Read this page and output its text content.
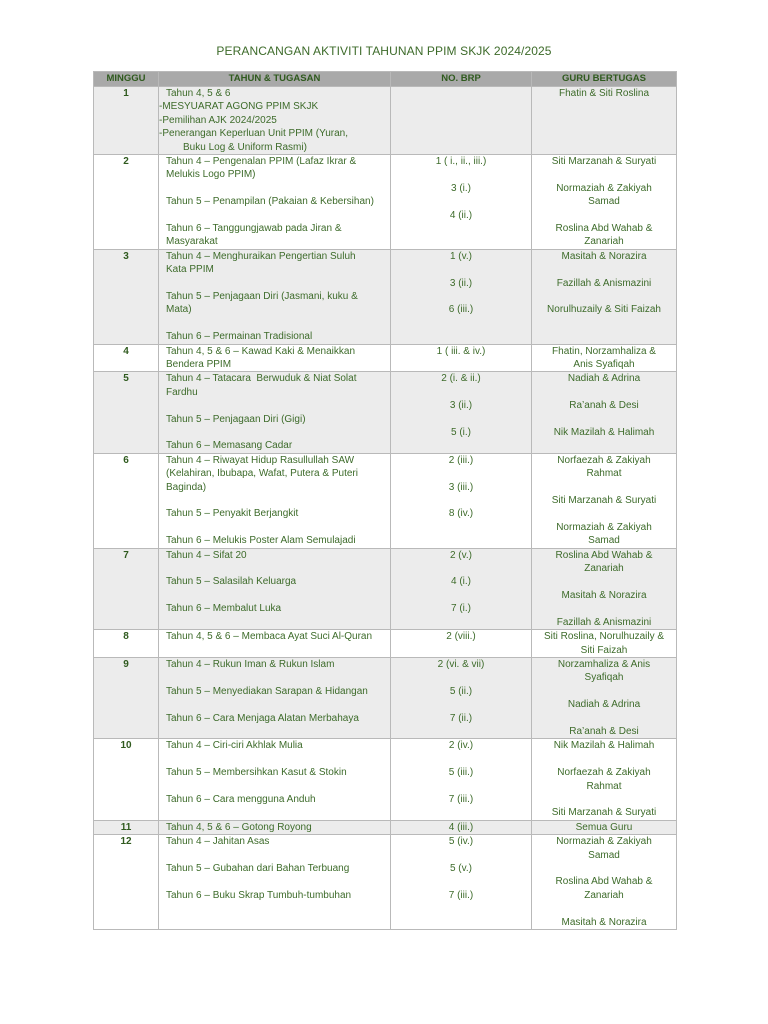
PERANCANGAN AKTIVITI TAHUNAN PPIM SKJK 2024/2025
MINGGU	TAHUN & TUGASAN	NO. BRP	GURU BERTUGAS
1	Tahun 4, 5 & 6
-MESYUARAT AGONG PPIM SKJK
-Pemilihan AJK 2024/2025
-Penerangan Keperluan Unit PPIM (Yuran,
Buku Log & Uniform Rasmi)		Fhatin & Siti Roslina

2	Tahun 4 – Pengenalan PPIM (Lafaz Ikrar &
Melukis Logo PPIM)
Tahun 5 – Penampilan (Pakaian & Kebersihan)
Tahun 6 – Tanggungjawab pada Jiran &
Masyarakat	1 ( i., ii., iii.)
3 (i.)
4 (ii.)	Siti Marzanah & Suryati
Normaziah & Zakiyah
Samad
Roslina Abd Wahab &
Zanariah

3	Tahun 4 – Menghuraikan Pengertian Suluh
Kata PPIM
Tahun 5 – Penjagaan Diri (Jasmani, kuku &
Mata)
Tahun 6 – Permainan Tradisional	1 (v.)
3 (ii.)
6 (iii.)	Masitah & Norazira
Fazillah & Anismazini
Norulhuzaily & Siti Faizah

4	Tahun 4, 5 & 6 – Kawad Kaki & Menaikkan
Bendera PPIM	1 ( iii. & iv.)	Fhatin, Norzamhaliza &
Anis Syafiqah

5	Tahun 4 – Tatacara  Berwuduk & Niat Solat
Fardhu
Tahun 5 – Penjagaan Diri (Gigi)
Tahun 6 – Memasang Cadar	2 (i. & ii.)
3 (ii.)
5 (i.)	Nadiah & Adrina
Ra’anah & Desi
Nik Mazilah & Halimah

6	Tahun 4 – Riwayat Hidup Rasullullah SAW
(Kelahiran, Ibubapa, Wafat, Putera & Puteri
Baginda)
Tahun 5 – Penyakit Berjangkit
Tahun 6 – Melukis Poster Alam Semulajadi	2 (iii.)
3 (iii.)
8 (iv.)	Norfaezah & Zakiyah
Rahmat
Siti Marzanah & Suryati
Normaziah & Zakiyah
Samad

7	Tahun 4 – Sifat 20
Tahun 5 – Salasilah Keluarga
Tahun 6 – Membalut Luka	2 (v.)
4 (i.)
7 (i.)	Roslina Abd Wahab &
Zanariah
Masitah & Norazira
Fazillah & Anismazini

8	Tahun 4, 5 & 6 – Membaca Ayat Suci Al-Quran	2 (viii.)	Siti Roslina, Norulhuzaily &
Siti Faizah

9	Tahun 4 – Rukun Iman & Rukun Islam
Tahun 5 – Menyediakan Sarapan & Hidangan
Tahun 6 – Cara Menjaga Alatan Merbahaya	2 (vi. & vii)
5 (ii.)
7 (ii.)	Norzamhaliza & Anis
Syafiqah
Nadiah & Adrina
Ra’anah & Desi

10	Tahun 4 – Ciri-ciri Akhlak Mulia
Tahun 5 – Membersihkan Kasut & Stokin
Tahun 6 – Cara mengguna Anduh	2 (iv.)
5 (iii.)
7 (iii.)	Nik Mazilah & Halimah
Norfaezah & Zakiyah
Rahmat
Siti Marzanah & Suryati

11	Tahun 4, 5 & 6 – Gotong Royong	4 (iii.)	Semua Guru

12	Tahun 4 – Jahitan Asas
Tahun 5 – Gubahan dari Bahan Terbuang
Tahun 6 – Buku Skrap Tumbuh-tumbuhan	5 (iv.)
5 (v.)
7 (iii.)	Normaziah & Zakiyah
Samad
Roslina Abd Wahab &
Zanariah
Masitah & Norazira
